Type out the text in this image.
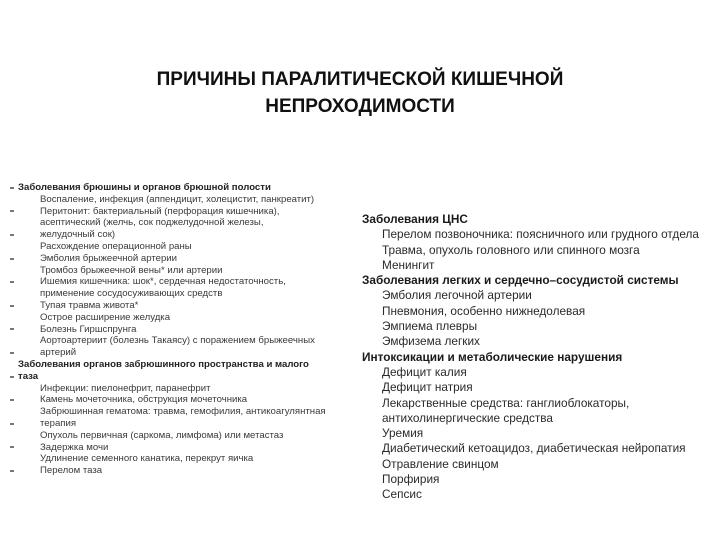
ПРИЧИНЫ ПАРАЛИТИЧЕСКОЙ КИШЕЧНОЙ
НЕПРОХОДИМОСТИ
Заболевания брюшины и органов брюшной полости
Воспаление, инфекция (аппендицит, холецистит, панкреатит)
Перитонит: бактериальный (перфорация кишечника),
асептический (желчь, сок поджелудочной железы,
желудочный сок)
Расхождение операционной раны
Эмболия брыжеечной артерии
Тромбоз брыжеечной вены* или артерии
Ишемия кишечника: шок*, сердечная недостаточность,
применение сосудосуживающих средств
Тупая травма живота*
Острое расширение желудка
Болезнь Гиршспрунга
Аортоартериит (болезнь Такаясу) с поражением брыжеечных
артерий
Заболевания органов забрюшинного пространства и малого
таза
Инфекции: пиелонефрит, паранефрит
Камень мочеточника, обструкция мочеточника
Забрюшинная гематома: травма, гемофилия, антикоагулянтная
терапия
Опухоль первичная (саркома, лимфома) или метастаз
Задержка мочи
Удлинение семенного канатика, перекрут яичка
Перелом таза
Заболевания ЦНС
Перелом позвоночника: поясничного или грудного отдела
Травма, опухоль головного или спинного мозга
Менингит
Заболевания легких и сердечно–сосудистой системы
Эмболия легочной артерии
Пневмония, особенно нижнедолевая
Эмпиема плевры
Эмфизема легких
Интоксикации и метаболические нарушения
Дефицит калия
Дефицит натрия
Лекарственные средства: ганглиоблокаторы,
антихолинергические средства
Уремия
Диабетический кетоацидоз, диабетическая нейропатия
Отравление свинцом
Порфирия
Сепсис
